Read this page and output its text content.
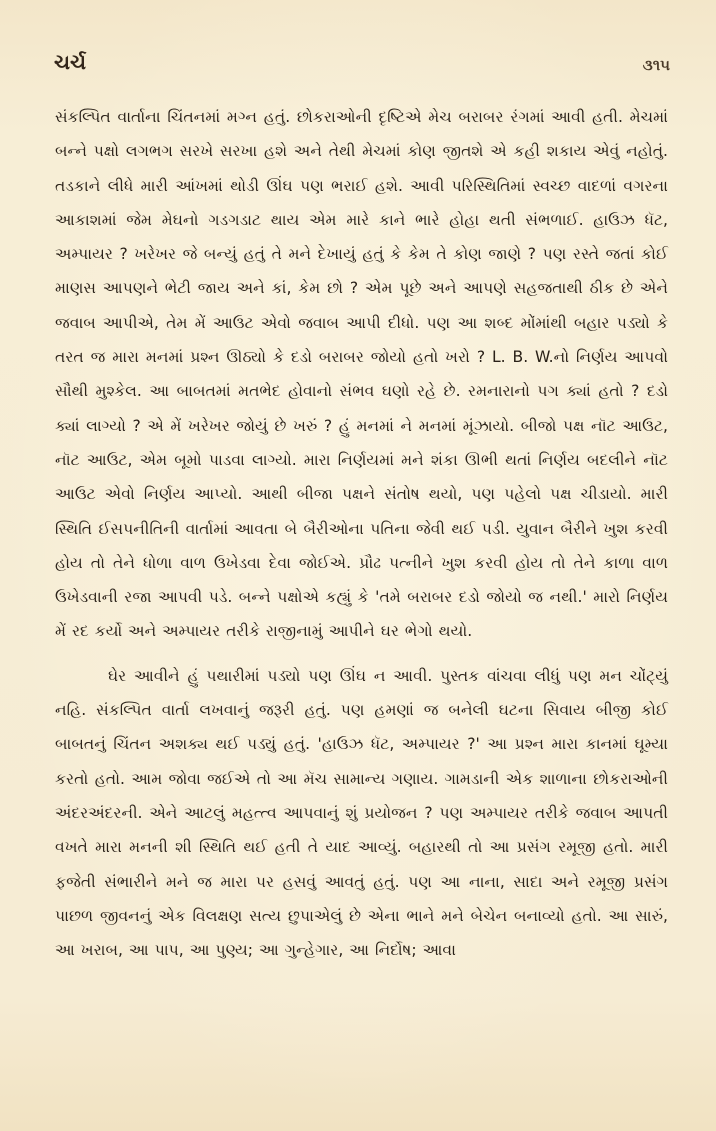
ચર્ચ	૩૧૫

સંકલ્પિત વાર્તાના ચિંતનમાં મગ્ન હતું. છોકરાઓની દૃષ્ટિએ મેચ બરાબર રંગમાં આવી હતી. મેચમાં બન્ને પક્ષો લગભગ સરખે સરખા હશે અને તેથી મેચમાં કોણ જીતશે એ કહી શકાય એવું નહોતું. તડકાને લીધે મારી આંખમાં થોડી ઊંઘ પણ ભરાઈ હશે. આવી પરિસ્થિતિમાં સ્વચ્છ વાદળાં વગરના આકાશમાં જેમ મેઘનો ગડગડાટ થાય એમ મારે કાને ભારે હોહા થતી સંભળાઈ. હાઉઝ ધૅટ, અમ્પાયર ? ખરેખર જે બન્યું હતું તે મને દેખાયું હતું કે કેમ તે કોણ જાણે ? પણ રસ્તે જતાં કોઈ માણસ આપણને ભેટી જાય અને કાં, કેમ છો ? એમ પૂછે અને આપણે સહજતાથી ઠીક છે એને જવાબ આપીએ, તેમ મેં આઉટ એવો જવાબ આપી દીધો. પણ આ શબ્દ મોંમાંથી બહાર પડ્યો કે તરત જ મારા મનમાં પ્રશ્ન ઊઠ્યો કે દડો બરાબર જોયો હતો ખરો ? L. B. W.નો નિર્ણય આપવો સૌથી મુશ્કેલ. આ બાબતમાં મતભેદ હોવાનો સંભવ ઘણો રહે છે. રમનારાનો પગ ક્યાં હતો ? દડો ક્યાં લાગ્યો ? એ મેં ખરેખર જોયું છે ખરું ? હું મનમાં ને મનમાં મૂંઝાયો. બીજો પક્ષ નૉટ આઉટ, નૉટ આઉટ, એમ બૂમો પાડવા લાગ્યો. મારા નિર્ણયમાં મને શંકા ઊભી થતાં નિર્ણય બદલીને નૉટ આઉટ એવો નિર્ણય આપ્યો. આથી બીજા પક્ષને સંતોષ થયો, પણ પહેલો પક્ષ ચીડાયો. મારી સ્થિતિ ઈસપનીતિની વાર્તામાં આવતા બે બૈરીઓના પતિના જેવી થઈ પડી. યુવાન બૈરીને ખુશ કરવી હોય તો તેને ધોળા વાળ ઉખેડવા દેવા જોઈએ. પ્રૌઢ પત્નીને ખુશ કરવી હોય તો તેને કાળા વાળ ઉખેડવાની રજા આપવી પડે. બન્ને પક્ષોએ કહ્યું કે 'તમે બરાબર દડો જોયો જ નથી.' મારો નિર્ણય મેં રદ કર્યો અને અમ્પાયર તરીકે રાજીનામું આપીને ઘર ભેગો થયો.

ઘેર આવીને હું પથારીમાં પડ્યો પણ ઊંઘ ન આવી. પુસ્તક વાંચવા લીધું પણ મન ચોંટ્યું નહિ. સંકલ્પિત વાર્તા લખવાનું જરૂરી હતું. પણ હમણાં જ બનેલી ઘટના સિવાય બીજી કોઈ બાબતનું ચિંતન અશક્ય થઈ પડ્યું હતું. 'હાઉઝ ધૅટ, અમ્પાયર ?' આ પ્રશ્ન મારા કાનમાં ઘૂમ્યા કરતો હતો. આમ જોવા જઈએ તો આ મૅચ સામાન્ય ગણાય. ગામડાની એક શાળાના છોકરાઓની અંદરઅંદરની. એને આટલું મહત્ત્વ આપવાનું શું પ્રયોજન ? પણ અમ્પાયર તરીકે જવાબ આપતી વખતે મારા મનની શી સ્થિતિ થઈ હતી તે યાદ આવ્યું. બહારથી તો આ પ્રસંગ રમૂજી હતો. મારી ફજેતી સંભારીને મને જ મારા પર હસવું આવતું હતું. પણ આ નાના, સાદા અને રમૂજી પ્રસંગ પાછળ જીવનનું એક વિલક્ષણ સત્ય છુપાએલું છે એના ભાને મને બેચેન બનાવ્યો હતો. આ સારું, આ ખરાબ, આ પાપ, આ પુણ્ય; આ ગુન્હેગાર, આ નિર્દોષ; આવા
